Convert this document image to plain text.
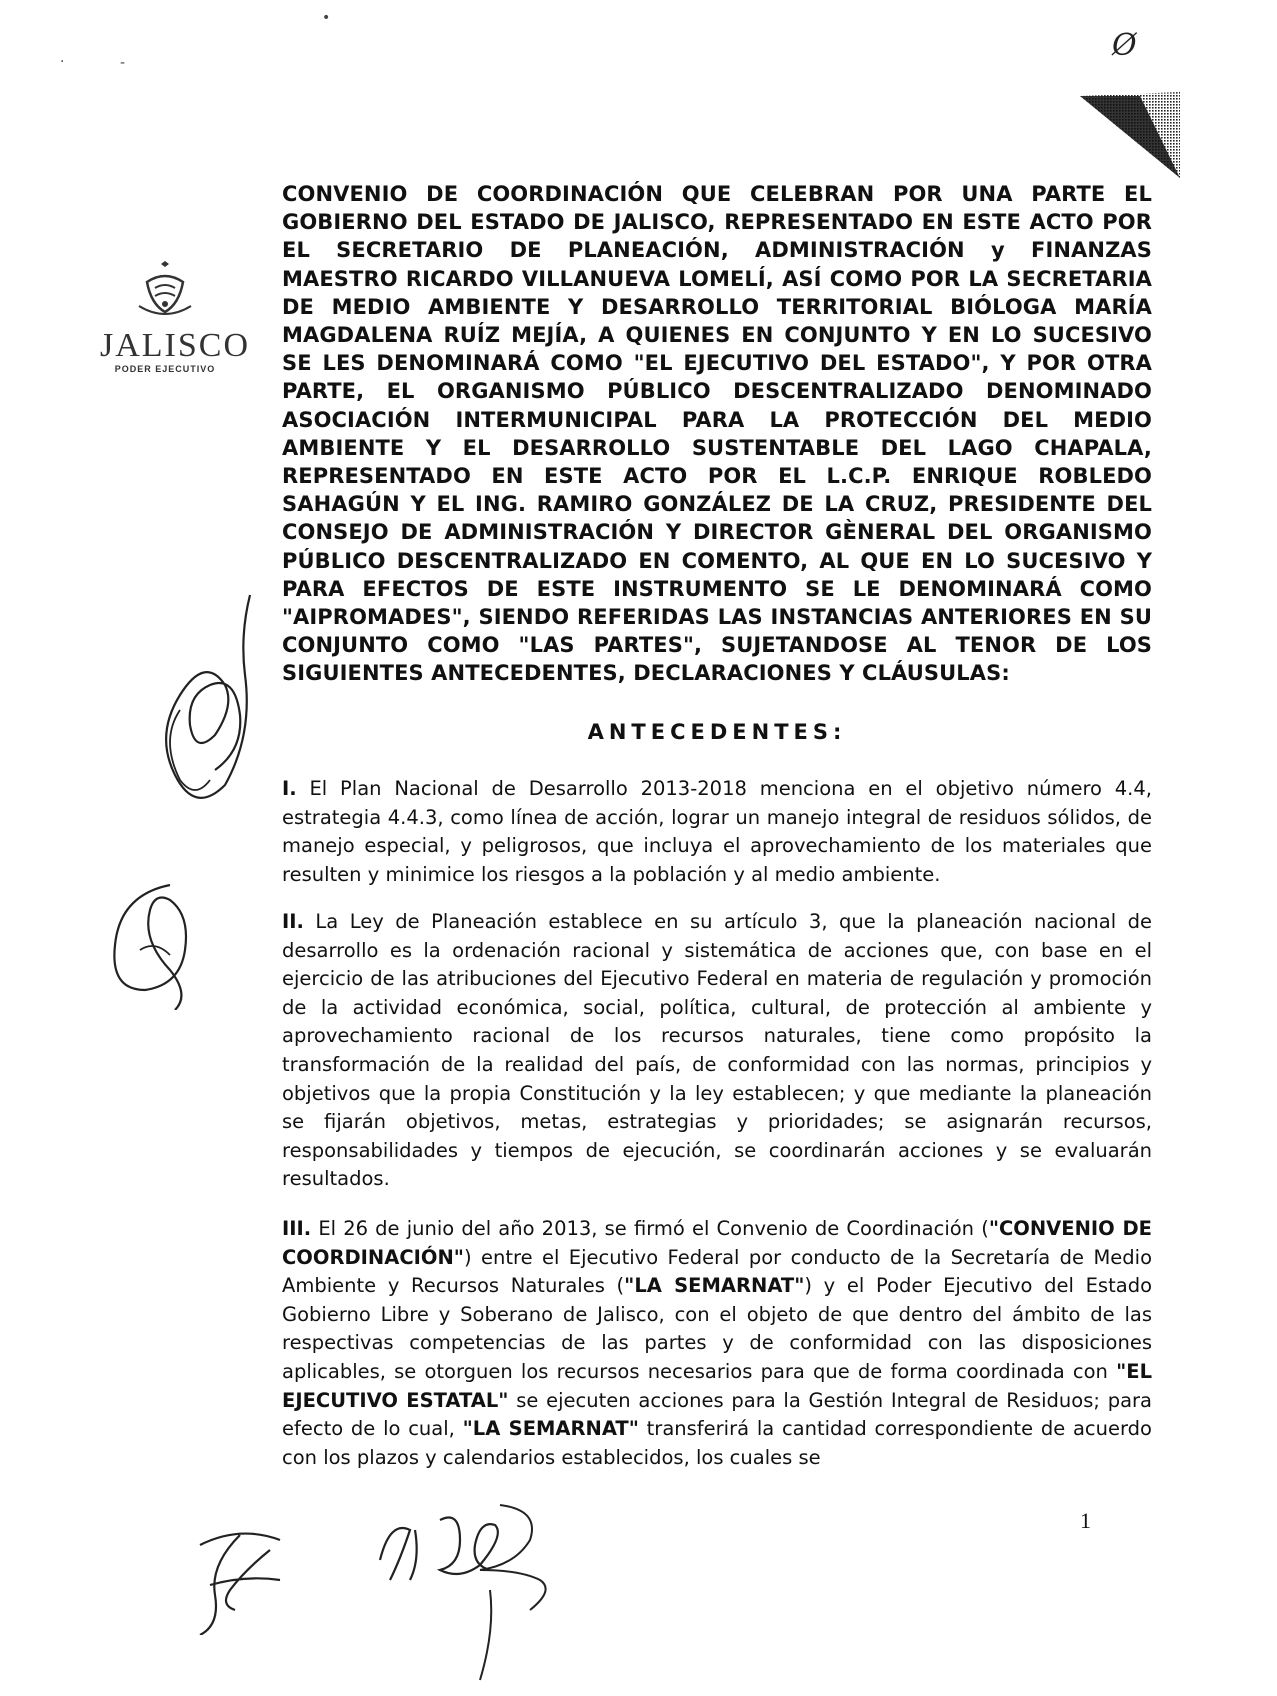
•
.	-	Ø
JALISCO
PODER EJECUTIVO
CONVENIO DE COORDINACIÓN QUE CELEBRAN POR UNA PARTE EL GOBIERNO DEL ESTADO DE JALISCO, REPRESENTADO EN ESTE ACTO POR EL SECRETARIO DE PLANEACIÓN, ADMINISTRACIÓN y FINANZAS MAESTRO RICARDO VILLANUEVA LOMELÍ, ASÍ COMO POR LA SECRETARIA DE MEDIO AMBIENTE Y DESARROLLO TERRITORIAL BIÓLOGA MARÍA MAGDALENA RUÍZ MEJÍA, A QUIENES EN CONJUNTO Y EN LO SUCESIVO SE LES DENOMINARÁ COMO "EL EJECUTIVO DEL ESTADO", Y POR OTRA PARTE, EL ORGANISMO PÚBLICO DESCENTRALIZADO DENOMINADO ASOCIACIÓN INTERMUNICIPAL PARA LA PROTECCIÓN DEL MEDIO AMBIENTE Y EL DESARROLLO SUSTENTABLE DEL LAGO CHAPALA, REPRESENTADO EN ESTE ACTO POR EL L.C.P. ENRIQUE ROBLEDO SAHAGÚN Y EL ING. RAMIRO GONZÁLEZ DE LA CRUZ, PRESIDENTE DEL CONSEJO DE ADMINISTRACIÓN Y DIRECTOR GÈNERAL DEL ORGANISMO PÚBLICO DESCENTRALIZADO EN COMENTO, AL QUE EN LO SUCESIVO Y PARA EFECTOS DE ESTE INSTRUMENTO SE LE DENOMINARÁ COMO "AIPROMADES", SIENDO REFERIDAS LAS INSTANCIAS ANTERIORES EN SU CONJUNTO COMO "LAS PARTES", SUJETANDOSE AL TENOR DE LOS SIGUIENTES ANTECEDENTES, DECLARACIONES Y CLÁUSULAS:
ANTECEDENTES:
I. El Plan Nacional de Desarrollo 2013-2018 menciona en el objetivo número 4.4, estrategia 4.4.3, como línea de acción, lograr un manejo integral de residuos sólidos, de manejo especial, y peligrosos, que incluya el aprovechamiento de los materiales que resulten y minimice los riesgos a la población y al medio ambiente.
II. La Ley de Planeación establece en su artículo 3, que la planeación nacional de desarrollo es la ordenación racional y sistemática de acciones que, con base en el ejercicio de las atribuciones del Ejecutivo Federal en materia de regulación y promoción de la actividad económica, social, política, cultural, de protección al ambiente y aprovechamiento racional de los recursos naturales, tiene como propósito la transformación de la realidad del país, de conformidad con las normas, principios y objetivos que la propia Constitución y la ley establecen; y que mediante la planeación se fijarán objetivos, metas, estrategias y prioridades; se asignarán recursos, responsabilidades y tiempos de ejecución, se coordinarán acciones y se evaluarán resultados.
III. El 26 de junio del año 2013, se firmó el Convenio de Coordinación ("CONVENIO DE COORDINACIÓN") entre el Ejecutivo Federal por conducto de la Secretaría de Medio Ambiente y Recursos Naturales ("LA SEMARNAT") y el Poder Ejecutivo del Estado Gobierno Libre y Soberano de Jalisco, con el objeto de que dentro del ámbito de las respectivas competencias de las partes y de conformidad con las disposiciones aplicables, se otorguen los recursos necesarios para que de forma coordinada con "EL EJECUTIVO ESTATAL" se ejecuten acciones para la Gestión Integral de Residuos; para efecto de lo cual, "LA SEMARNAT" transferirá la cantidad correspondiente de acuerdo con los plazos y calendarios establecidos, los cuales se
1
